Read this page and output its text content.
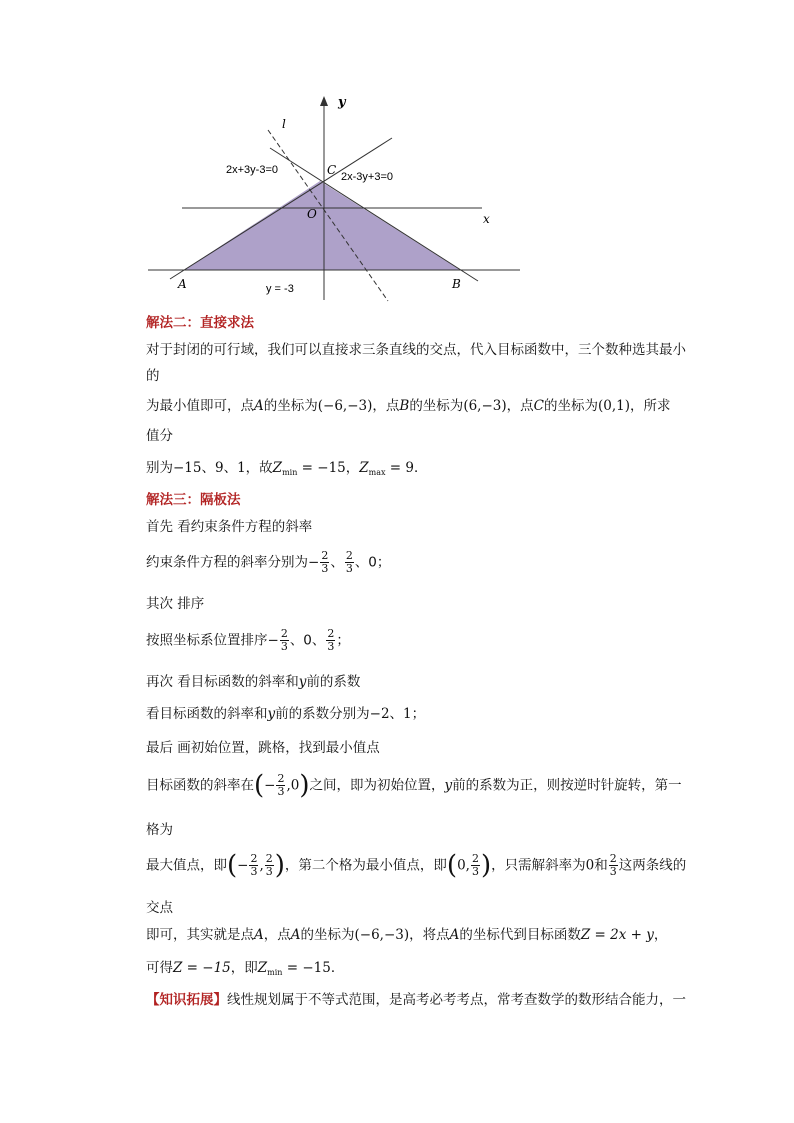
y
x
l
O
C
A	B
2x+3y-3=0
2x-3y+3=0
y = -3
解法二：直接求法
对于封闭的可行域，我们可以直接求三条直线的交点，代入目标函数中，三个数种选其最小
的
为最小值即可，点A的坐标为(−6,−3)，点B的坐标为(6,−3)，点C的坐标为(0,1)，所求
值分
别为−15、9、1，故$Z_{min} = -15$，$Z_{max} = 9$．
解法三：隔板法
首先 看约束条件方程的斜率
约束条件方程的斜率分别为− $\frac{2}{3}$ 、 $\frac{2}{3}$ 、0；
其次 排序
按照坐标系位置排序− $\frac{2}{3}$ 、0、 $\frac{2}{3}$ ；
再次 看目标函数的斜率和y前的系数
看目标函数的斜率和y前的系数分别为−2、1；
最后 画初始位置，跳格，找到最小值点
目标函数的斜率在(− $\frac{2}{3} ,0$)之间，即为初始位置，y前的系数为正，则按逆时针旋转，第一
格为
最大值点，即(− $\frac{2}{3}$ , $\frac{2}{3}$ )，第二个格为最小值点，即(0, $\frac{2}{3}$ )，只需解斜率为0和 $\frac{2}{3}$ 这两条线的
交点
即可，其实就是点A，点A的坐标为(−6,−3)，将点A的坐标代到目标函数Z = 2x + y，
可得Z = −15，即$Z_{min} = -15$．
【知识拓展】线性规划属于不等式范围，是高考必考考点，常考查数学的数形结合能力，一
